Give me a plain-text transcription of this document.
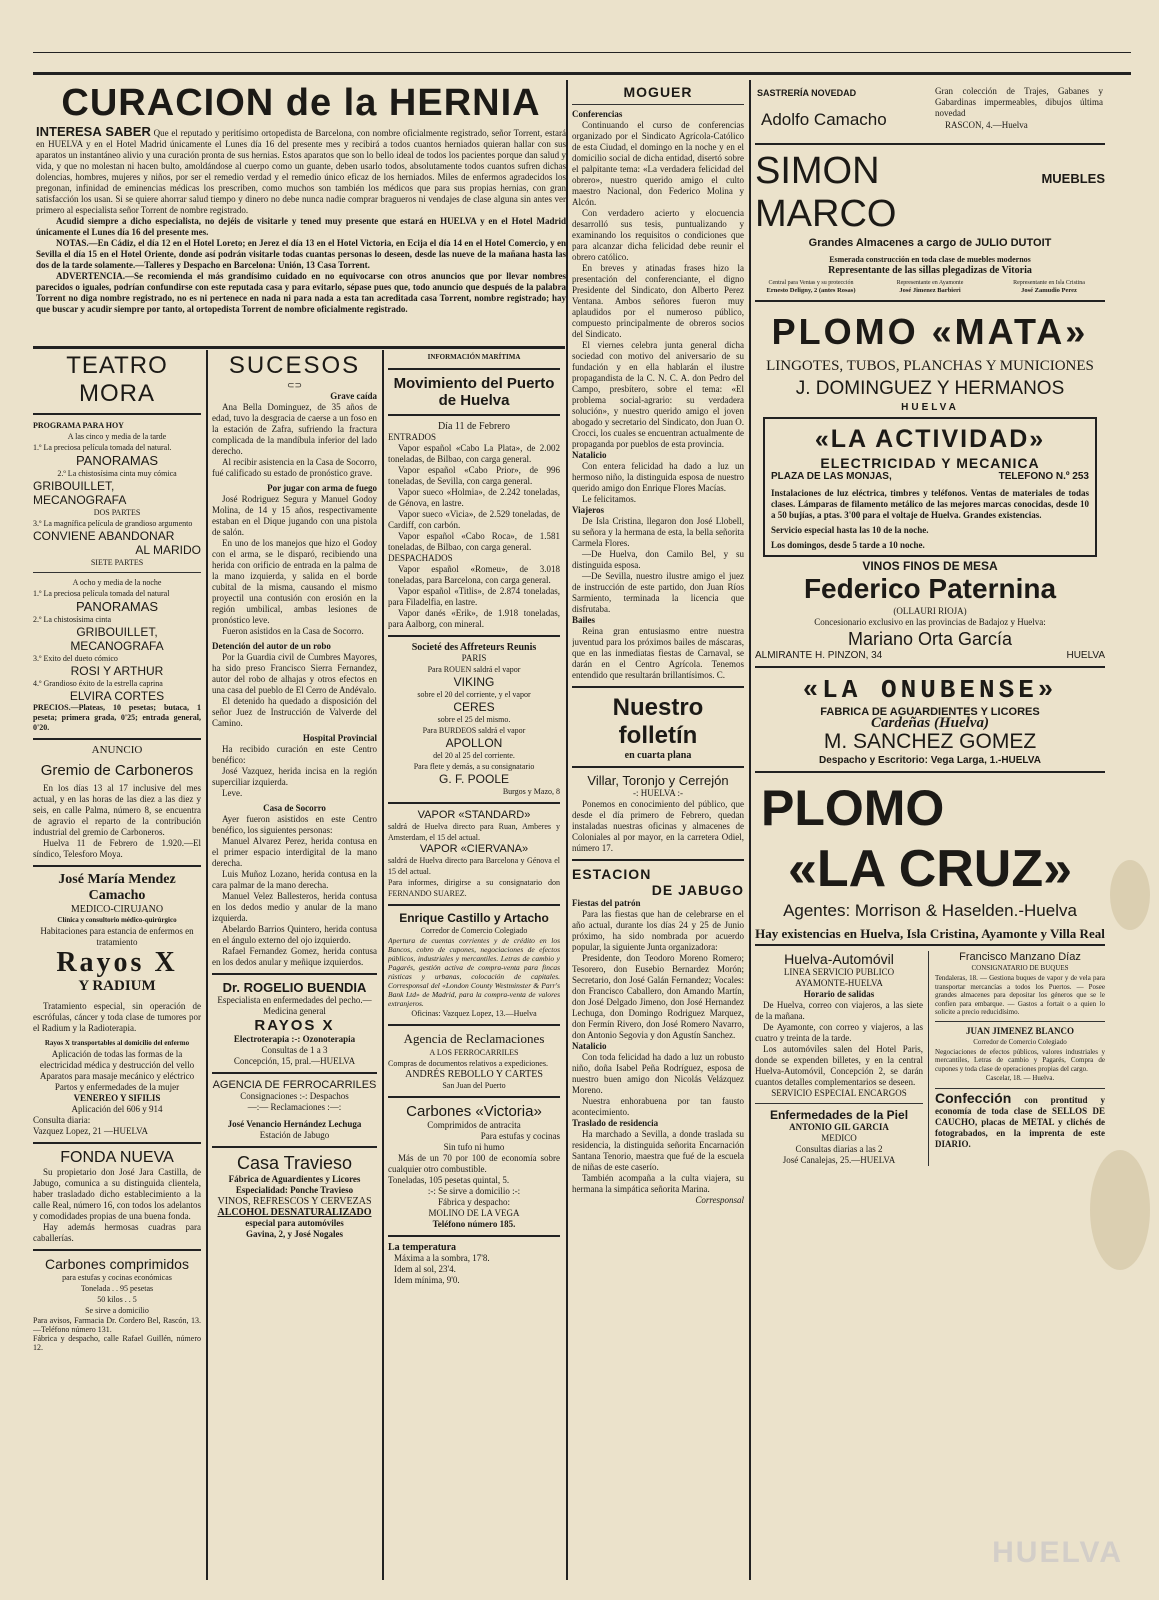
CURACION de la HERNIA

INTERESA SABER Que el reputado y peritísimo ortopedista de Barcelona, con nombre oficialmente registrado, señor Torrent, estará en HUELVA y en el Hotel Madrid únicamente el Lunes día 16 del presente mes y recibirá a todos cuantos herniados quieran hallar con sus aparatos un instantáneo alivio y una curación pronta de sus hernias. Estos aparatos que son lo bello ideal de todos los pacientes porque dan salud y vida, y que no molestan ni hacen bulto, amoldándose al cuerpo como un guante, deben usarlo todos, absolutamente todos cuantos sufren dichas dolencias, hombres, mujeres y niños, por ser el remedio verdad y el remedio único eficaz de los herniados. Miles de enfermos agradecidos los pregonan, infinidad de eminencias médicas los prescriben, como muchos son también los médicos que para sus propias hernias, con gran satisfacción los usan. Si se quiere ahorrar salud tiempo y dinero no debe nunca nadie comprar bragueros ni vendajes de clase alguna sin antes ver primero al especialista señor Torrent de nombre registrado.

Acudid siempre a dicho especialista, no dejéis de visitarle y tened muy presente que estará en HUELVA y en el Hotel Madrid únicamente el Lunes día 16 del presente mes.

NOTAS.—En Cádiz, el día 12 en el Hotel Loreto; en Jerez el día 13 en el Hotel Victoria, en Ecija el día 14 en el Hotel Comercio, y en Sevilla el día 15 en el Hotel Oriente, donde así podrán visitarle todas cuantas personas lo deseen, desde las nueve de la mañana hasta las dos de la tarde solamente.—Talleres y Despacho en Barcelona: Unión, 13 Casa Torrent.

ADVERTENCIA.—Se recomienda el más grandísimo cuidado en no equivocarse con otros anuncios que por llevar nombres parecidos o iguales, podrían confundirse con este reputada casa y para evitarlo, sépase pues que, todo anuncio que después de la palabra Torrent no diga nombre registrado, no es ni pertenece en nada ni para nada a esta tan acreditada casa Torrent, nombre registrado; hay que buscar y acudir siempre por tanto, al ortopedista Torrent de nombre oficialmente registrado.

TEATRO MORA

PROGRAMA PARA HOY

A las cinco y media de la tarde

1.º La preciosa película tomada del natural.

PANORAMAS

2.º La chistosísima cinta muy cómica

GRIBOUILLET, MECANOGRAFA

DOS PARTES

3.º La magnífica película de grandioso argumento

CONVIENE ABANDONAR

AL MARIDO

SIETE PARTES

A ocho y media de la noche

1.º La preciosa película tomada del natural

PANORAMAS

2.º La chistosísima cinta

GRIBOUILLET, MECANOGRAFA

3.º Exito del dueto cómico

ROSI Y ARTHUR

4.º Grandioso éxito de la estrella caprina

ELVIRA CORTES

PRECIOS.—Plateas, 10 pesetas; butaca, 1 peseta; primera grada, 0'25; entrada general, 0'20.

ANUNCIO

Gremio de Carboneros

En los días 13 al 17 inclusive del mes actual, y en las horas de las diez a las diez y seis, en calle Palma, número 8, se encuentra de agravio el reparto de la contribución industrial del gremio de Carboneros.

Huelva 11 de Febrero de 1.920.—El síndico, Telesforo Moya.

José María Mendez Camacho

MEDICO-CIRUJANO

Clínica y consultorio médico-quirúrgico

Habitaciones para estancia de enfermos en tratamiento

Rayos X

Y RADIUM

Tratamiento especial, sin operación de escrófulas, cáncer y toda clase de tumores por el Radium y la Radioterapia.

Rayos X transportables al domicilio del enfermo

Aplicación de todas las formas de la electricidad médica y destrucción del vello

Aparatos para masaje mecánico y eléctrico

Partos y enfermedades de la mujer

VENEREO Y SIFILIS

Aplicación del 606 y 914

Consulta diaria:

Vazquez Lopez, 21 —HUELVA

FONDA NUEVA

Su propietario don José Jara Castilla, de Jabugo, comunica a su distinguida clientela, haber trasladado dicho establecimiento a la calle Real, número 16, con todos los adelantos y comodidades propias de una buena fonda.

Hay además hermosas cuadras para caballerías.

Carbones comprimidos

para estufas y cocinas económicas

Tonelada . . 95 pesetas

50 kilos . . 5

Se sirve a domicilio

Para avisos, Farmacia Dr. Cordero Bel, Rascón, 13.—Teléfono número 131.

Fábrica y despacho, calle Rafael Guillén, número 12.

SUCESOS

⊂⊃

Grave caída

Ana Bella Dominguez, de 35 años de edad, tuvo la desgracia de caerse a un foso en la estación de Zafra, sufriendo la fractura complicada de la mandíbula inferior del lado derecho.

Al recibir asistencia en la Casa de Socorro, fué calificado su estado de pronóstico grave.

Por jugar con arma de fuego

José Rodriguez Segura y Manuel Godoy Molina, de 14 y 15 años, respectivamente estaban en el Dique jugando con una pistola de salón.

En uno de los manejos que hizo el Godoy con el arma, se le disparó, recibiendo una herida con orificio de entrada en la palma de la mano izquierda, y salida en el borde cubital de la misma, causando el mismo proyectil una contusión con erosión en la región umbilical, ambas lesiones de pronóstico leve.

Fueron asistidos en la Casa de Socorro.

Detención del autor de un robo

Por la Guardia civil de Cumbres Mayores, ha sido preso Francisco Sierra Fernandez, autor del robo de alhajas y otros efectos en una casa del pueblo de El Cerro de Andévalo.

El detenido ha quedado a disposición del señor Juez de Instrucción de Valverde del Camino.

Hospital Provincial

Ha recibido curación en este Centro benéfico:

José Vazquez, herida incisa en la región superciliar izquierda.

Leve.

Casa de Socorro

Ayer fueron asistidos en este Centro benéfico, los siguientes personas:

Manuel Alvarez Perez, herida contusa en el primer espacio interdigital de la mano derecha.

Luis Muñoz Lozano, herida contusa en la cara palmar de la mano derecha.

Manuel Velez Ballesteros, herida contusa en los dedos medio y anular de la mano izquierda.

Abelardo Barrios Quintero, herida contusa en el ángulo externo del ojo izquierdo.

Rafael Fernandez Gomez, herida contusa en los dedos anular y meñique izquierdos.

Dr. ROGELIO BUENDIA

Especialista en enfermedades del pecho.—Medicina general

RAYOS X

Electroterapia :-: Ozonoterapia

Consultas de 1 a 3

Concepción, 15, pral.—HUELVA

AGENCIA DE FERROCARRILES

Consignaciones :-: Despachos

—:— Reclamaciones :—:

José Venancio Hernández Lechuga

Estación de Jabugo

Casa Travieso

Fábrica de Aguardientes y Licores

Especialidad: Ponche Travieso

VINOS, REFRESCOS Y CERVEZAS

ALCOHOL DESNATURALIZADO

especial para automóviles

Gavina, 2, y José Nogales

INFORMACIÓN MARÍTIMA

Movimiento del Puerto de Huelva

Día 11 de Febrero

ENTRADOS

Vapor español «Cabo La Plata», de 2.002 toneladas, de Bilbao, con carga general.

Vapor español «Cabo Prior», de 996 toneladas, de Sevilla, con carga general.

Vapor sueco «Holmia», de 2.242 toneladas, de Génova, en lastre.

Vapor sueco «Vicia», de 2.529 toneladas, de Cardiff, con carbón.

Vapor español «Cabo Roca», de 1.581 toneladas, de Bilbao, con carga general.

DESPACHADOS

Vapor español «Romeu», de 3.018 toneladas, para Barcelona, con carga general.

Vapor español «Titlis», de 2.874 toneladas, para Filadelfia, en lastre.

Vapor danés «Erik», de 1.918 toneladas, para Aalborg, con mineral.

Societé des Affreteurs Reunis

PARIS

Para ROUEN saldrá el vapor

VIKING

sobre el 20 del corriente, y el vapor

CERES

sobre el 25 del mismo.

Para BURDEOS saldrá el vapor

APOLLON

del 20 al 25 del corriente.

Para flete y demás, a su consignatario

G. F. POOLE

Burgos y Mazo, 8

VAPOR «STANDARD»

saldrá de Huelva directo para Ruan, Amberes y Amsterdam, el 15 del actual.

VAPOR «CIERVANA»

saldrá de Huelva directo para Barcelona y Génova el 15 del actual.

Para informes, dirigirse a su consignatario don FERNANDO SUAREZ.

Enrique Castillo y Artacho

Corredor de Comercio Colegiado

Apertura de cuentas corrientes y de crédito en los Bancos, cobro de cupones, negociaciones de efectos públicos, industriales y mercantiles. Letras de cambio y Pagarés, gestión activa de compra-venta para fincas rústicas y urbanas, colocación de capitales. Corresponsal del «London County Westminster & Parr's Bank Ltd» de Madrid, para la compra-venta de valores extranjeros.

Oficinas: Vazquez Lopez, 13.—Huelva

Agencia de Reclamaciones

A LOS FERROCARRILES

Compras de documentos relativos a expediciones.

ANDRÉS REBOLLO Y CARTES

San Juan del Puerto

Carbones «Victoria»

Comprimidos de antracita

Para estufas y cocinas

Sin tufo ni humo

Más de un 70 por 100 de economía sobre cualquier otro combustible.

Toneladas, 105 pesetas quintal, 5.

:-: Se sirve a domicilio :-:

Fábrica y despacho:

MOLINO DE LA VEGA

Teléfono número 185.

La temperatura

Máxima a la sombra, 17'8.

Idem al sol, 23'4.

Idem mínima, 9'0.

MOGUER

Conferencias

Continuando el curso de conferencias organizado por el Sindicato Agrícola-Católico de esta Ciudad, el domingo en la noche y en el domicilio social de dicha entidad, disertó sobre el palpitante tema: «La verdadera felicidad del obrero», nuestro querido amigo el culto maestro Nacional, don Federico Molina y Alcón.

Con verdadero acierto y elocuencia desarrolló sus tesis, puntualizando y examinando los requisitos o condiciones que para alcanzar dicha felicidad debe reunir el obrero católico.

En breves y atinadas frases hizo la presentación del conferenciante, el digno Presidente del Sindicato, don Alberto Perez Ventana. Ambos señores fueron muy aplaudidos por el numeroso público, compuesto principalmente de obreros socios del Sindicato.

El viernes celebra junta general dicha sociedad con motivo del aniversario de su fundación y en ella hablarán el ilustre propagandista de la C. N. C. A. don Pedro del Campo, presbítero, sobre el tema: «El problema social-agrario: su verdadera solución», y nuestro querido amigo el joven abogado y secretario del Sindicato, don Juan O. Crocci, los cuales se encuentran actualmente de propaganda por pueblos de esta provincia.

Natalicio

Con entera felicidad ha dado a luz un hermoso niño, la distinguida esposa de nuestro querido amigo don Enrique Flores Macías.

Le felicitamos.

Viajeros

De Isla Cristina, llegaron don José Llobell, su señora y la hermana de esta, la bella señorita Carmela Flores.

—De Huelva, don Camilo Bel, y su distinguida esposa.

—De Sevilla, nuestro ilustre amigo el juez de instrucción de este partido, don Juan Ríos Sarmiento, terminada la licencia que disfrutaba.

Bailes

Reina gran entusiasmo entre nuestra juventud para los próximos bailes de máscaras, que en las inmediatas fiestas de Carnaval, se darán en el Centro Agrícola. Tenemos entendido que resultarán brillantísimos. C.

Nuestro folletín

en cuarta plana

Villar, Toronjo y Cerrejón

-: HUELVA :-

Ponemos en conocimiento del público, que desde el día primero de Febrero, quedan instaladas nuestras oficinas y almacenes de Coloniales al por mayor, en la carretera Odiel, número 17.

ESTACION

DE JABUGO

Fiestas del patrón

Para las fiestas que han de celebrarse en el año actual, durante los días 24 y 25 de Junio próximo, ha sido nombrada por acuerdo popular, la siguiente Junta organizadora:

Presidente, don Teodoro Moreno Romero; Tesorero, don Eusebio Bernardez Morón; Secretario, don José Galán Fernandez; Vocales: don Francisco Caballero, don Amando Martín, don José Delgado Jimeno, don José Hernandez Lechuga, don Domingo Rodriguez Marquez, don Fermín Rivero, don José Romero Navarro, don Antonio Segovia y don Agustín Sanchez.

Natalicio

Con toda felicidad ha dado a luz un robusto niño, doña Isabel Peña Rodríguez, esposa de nuestro buen amigo don Nicolás Velázquez Moreno.

Nuestra enhorabuena por tan fausto acontecimiento.

Traslado de residencia

Ha marchado a Sevilla, a donde traslada su residencia, la distinguida señorita Encarnación Santana Tenorio, maestra que fué de la escuela de niñas de este caserío.

También acompaña a la culta viajera, su hermana la simpática señorita Marina.

Corresponsal

SASTRERÍA NOVEDAD

Adolfo Camacho

Gran colección de Trajes, Gabanes y Gabardinas impermeables, dibujos última novedad

RASCON, 4.—Huelva

SIMON MARCO
MUEBLES

Grandes Almacenes a cargo de JULIO DUTOIT

Esmerada construcción en toda clase de muebles modernos

Representante de las sillas plegadizas de Vitoria

Central para Ventas y su protección

Ernesto Deligny, 2 (antes Rosas)

Representante en Ayamonte

José Jimenez Barbieri

Representante en Isla Cristina

José Zamudio Perez

PLOMO «MATA»

LINGOTES, TUBOS, PLANCHAS Y MUNICIONES

J. DOMINGUEZ Y HERMANOS

HUELVA

«LA ACTIVIDAD»

ELECTRICIDAD Y MECANICA

PLAZA DE LAS MONJAS,	TELEFONO N.º 253

Instalaciones de luz eléctrica, timbres y teléfonos. Ventas de materiales de todas clases. Lámparas de filamento metálico de las mejores marcas conocidas, desde 10 a 50 bujías, a ptas. 3'00 para el voltaje de Huelva. Grandes existencias.

Servicio especial hasta las 10 de la noche.

Los domingos, desde 5 tarde a 10 noche.

VINOS FINOS DE MESA

Federico Paternina

(OLLAURI RIOJA)

Concesionario exclusivo en las provincias de Badajoz y Huelva:

Mariano Orta García

ALMIRANTE H. PINZON, 34	HUELVA

«LA ONUBENSE»

FABRICA DE AGUARDIENTES Y LICORES

Cardeñas (Huelva)

M. SANCHEZ GOMEZ

Despacho y Escritorio: Vega Larga, 1.-HUELVA

PLOMO

«LA CRUZ»

Agentes: Morrison & Haselden.-Huelva

Hay existencias en Huelva, Isla Cristina, Ayamonte y Villa Real

Huelva-Automóvil

LINEA SERVICIO PUBLICO

AYAMONTE-HUELVA

Horario de salidas

De Huelva, correo con viajeros, a las siete de la mañana.

De Ayamonte, con correo y viajeros, a las cuatro y treinta de la tarde.

Los automóviles salen del Hotel Paris, donde se expenden billetes, y en la central Huelva-Automóvil, Concepción 2, se darán cuantos detalles complementarios se deseen.

SERVICIO ESPECIAL ENCARGOS

Enfermedades de la Piel

ANTONIO GIL GARCIA

MEDICO

Consultas diarias a las 2

José Canalejas, 25.—HUELVA

Francisco Manzano Díaz

CONSIGNATARIO DE BUQUES

Tendaleras, 18. — Gestiona buques de vapor y de vela para transportar mercancías a todos los Puertos. — Posee grandes almacenes para depositar los géneros que se le confíen para embarque. — Gastos a fortait o a quien lo solicite a precio reducidísimo.

JUAN JIMENEZ BLANCO

Corredor de Comercio Colegiado

Negociaciones de efectos públicos, valores industriales y mercantiles, Letras de cambio y Pagarés, Compra de cupones y toda clase de operaciones propias del cargo.

Cascelar, 18. — Huelva.

Confección con prontitud y economía de toda clase de SELLOS DE CAUCHO, placas de METAL y clichés de fotograbados, en la imprenta de este DIARIO.

HUELVA
